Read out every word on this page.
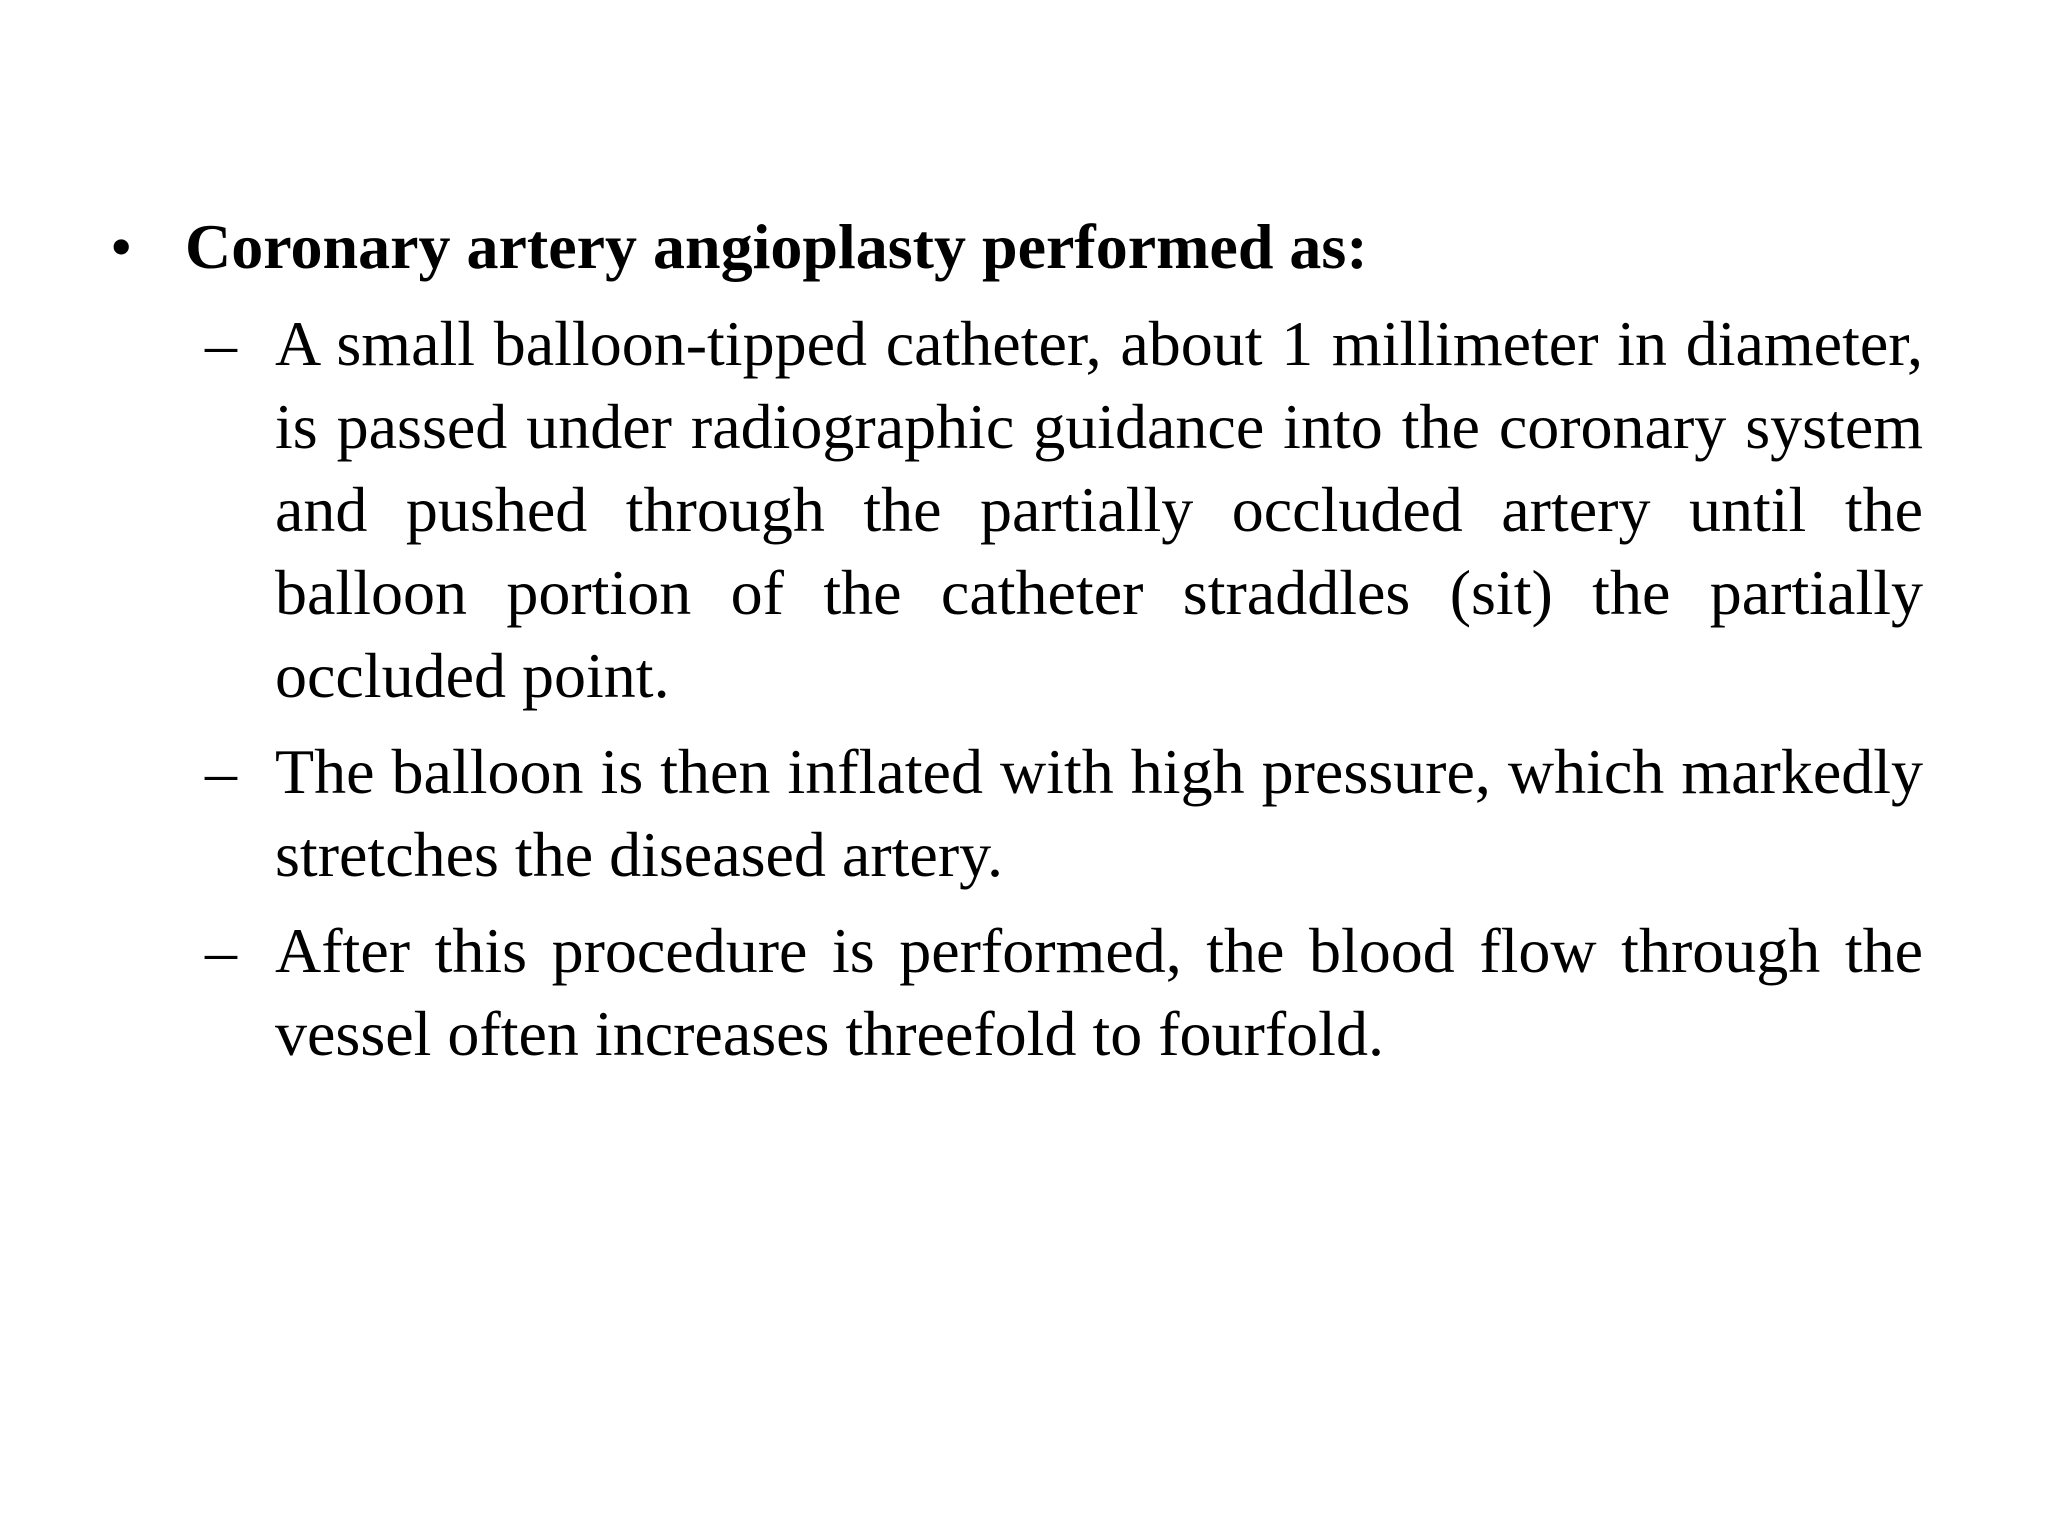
• Coronary artery angioplasty performed as:
– A small balloon-tipped catheter, about 1 millimeter in diameter, is passed under radiographic guidance into the coronary system and pushed through the partially occluded artery until the balloon portion of the catheter straddles (sit) the partially occluded point.
– The balloon is then inflated with high pressure, which markedly stretches the diseased artery.
– After this procedure is performed, the blood flow through the vessel often increases threefold to fourfold.
